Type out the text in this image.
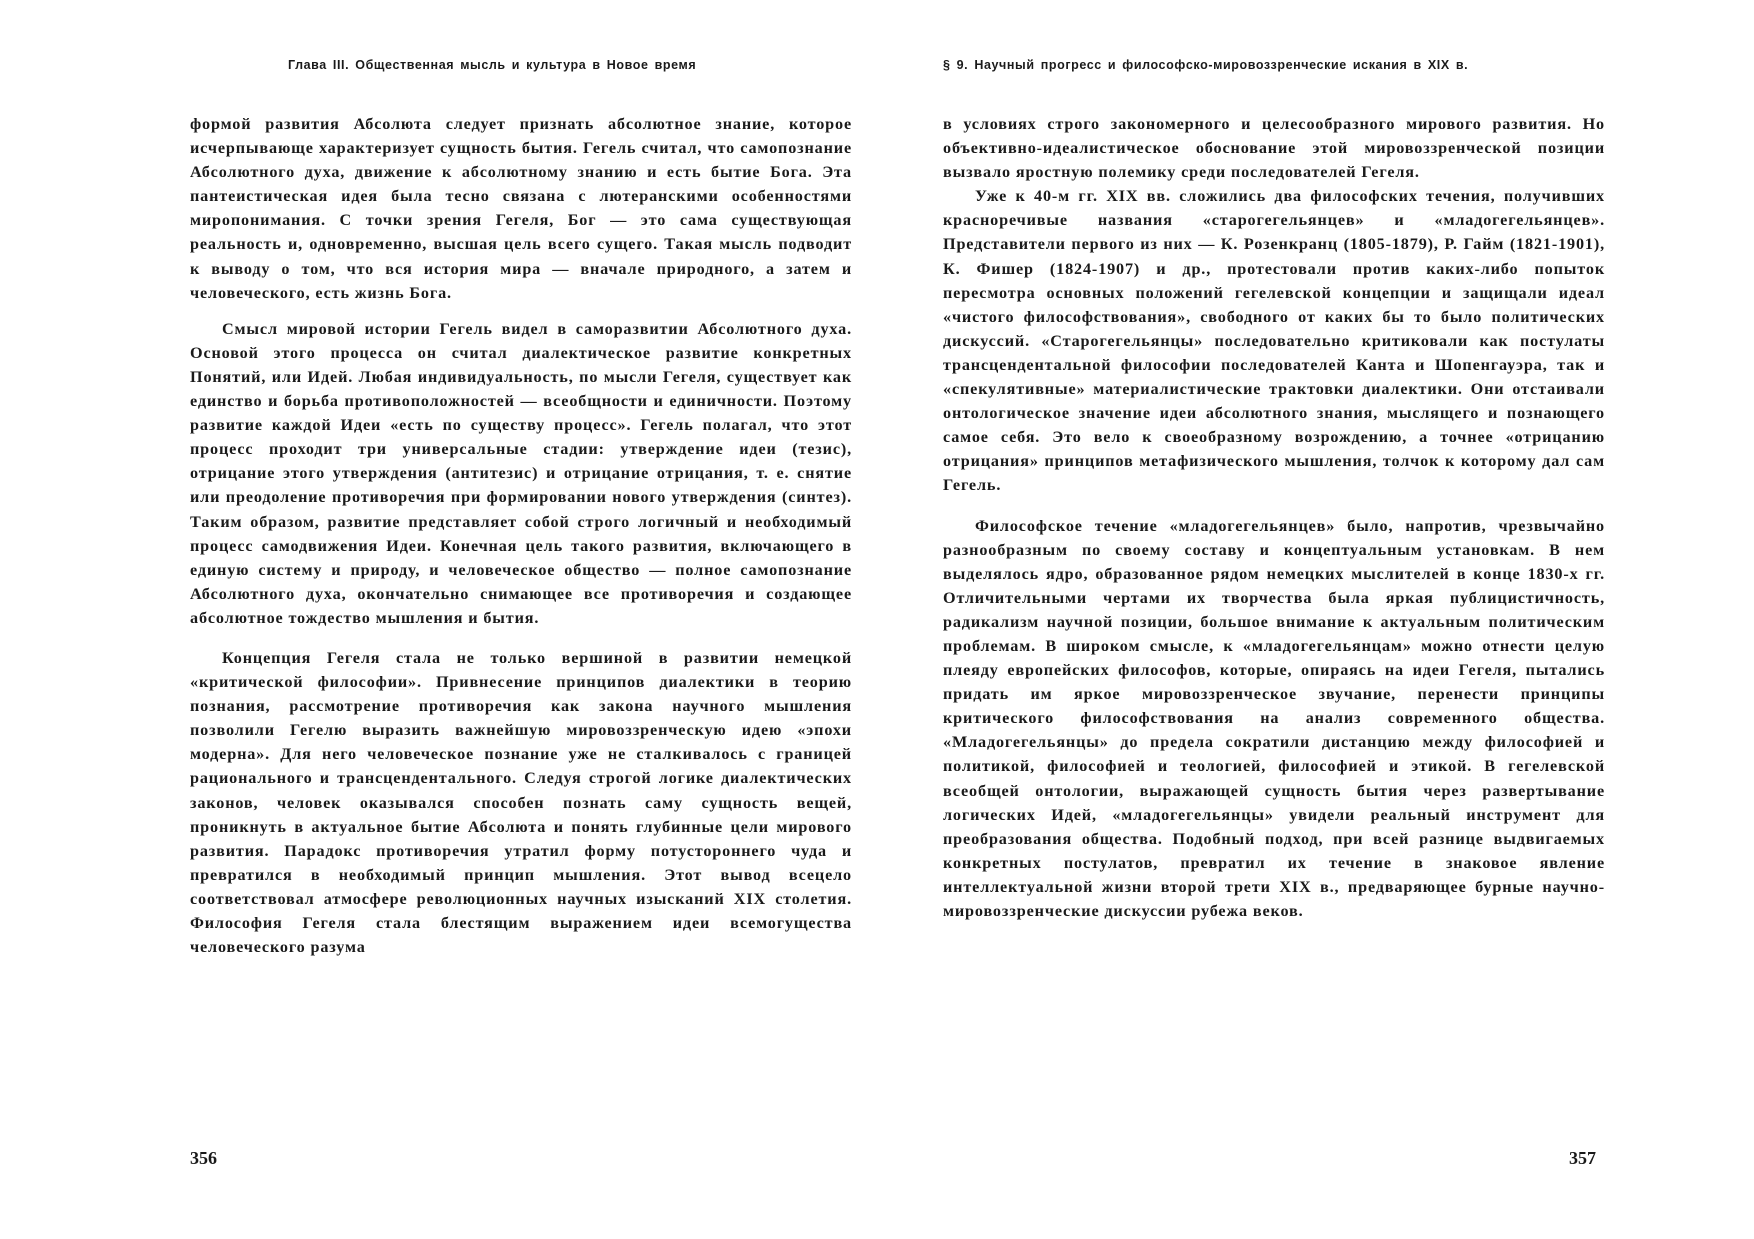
Глава III. Общественная мысль и культура в Новое время

формой развития Абсолюта следует признать абсолютное знание, которое исчерпывающе характеризует сущность бытия. Гегель считал, что самопознание Абсолютного духа, движение к абсолютному знанию и есть бытие Бога. Эта пантеистическая идея была тесно связана с лютеранскими особенностями миропонимания. С точки зрения Гегеля, Бог — это сама существующая реальность и, одновременно, высшая цель всего сущего. Такая мысль подводит к выводу о том, что вся история мира — вначале природного, а затем и человеческого, есть жизнь Бога.

Смысл мировой истории Гегель видел в саморазвитии Абсолютного духа. Основой этого процесса он считал диалектическое развитие конкретных Понятий, или Идей. Любая индивидуальность, по мысли Гегеля, существует как единство и борьба противоположностей — всеобщности и единичности. Поэтому развитие каждой Идеи «есть по существу процесс». Гегель полагал, что этот процесс проходит три универсальные стадии: утверждение идеи (тезис), отрицание этого утверждения (антитезис) и отрицание отрицания, т. е. снятие или преодоление противоречия при формировании нового утверждения (синтез). Таким образом, развитие представляет собой строго логичный и необходимый процесс самодвижения Идеи. Конечная цель такого развития, включающего в единую систему и природу, и человеческое общество — полное самопознание Абсолютного духа, окончательно снимающее все противоречия и создающее абсолютное тождество мышления и бытия.

Концепция Гегеля стала не только вершиной в развитии немецкой «критической философии». Привнесение принципов диалектики в теорию познания, рассмотрение противоречия как закона научного мышления позволили Гегелю выразить важнейшую мировоззренческую идею «эпохи модерна». Для него человеческое познание уже не сталкивалось с границей рационального и трансцендентального. Следуя строгой логике диалектических законов, человек оказывался способен познать саму сущность вещей, проникнуть в актуальное бытие Абсолюта и понять глубинные цели мирового развития. Парадокс противоречия утратил форму потустороннего чуда и превратился в необходимый принцип мышления. Этот вывод всецело соответствовал атмосфере революционных научных изысканий XIX столетия. Философия Гегеля стала блестящим выражением идеи всемогущества человеческого разума

356
§ 9. Научный прогресс и философско-мировоззренческие искания в XIX в.

в условиях строго закономерного и целесообразного мирового развития. Но объективно-идеалистическое обоснование этой мировоззренческой позиции вызвало яростную полемику среди последователей Гегеля.

Уже к 40-м гг. XIX вв. сложились два философских течения, получивших красноречивые названия «старогегельянцев» и «младогегельянцев». Представители первого из них — К. Розенкранц (1805-1879), Р. Гайм (1821-1901), К. Фишер (1824-1907) и др., протестовали против каких-либо попыток пересмотра основных положений гегелевской концепции и защищали идеал «чистого философствования», свободного от каких бы то было политических дискуссий. «Старогегельянцы» последовательно критиковали как постулаты трансцендентальной философии последователей Канта и Шопенгауэра, так и «спекулятивные» материалистические трактовки диалектики. Они отстаивали онтологическое значение идеи абсолютного знания, мыслящего и познающего самое себя. Это вело к своеобразному возрождению, а точнее «отрицанию отрицания» принципов метафизического мышления, толчок к которому дал сам Гегель.

Философское течение «младогегельянцев» было, напротив, чрезвычайно разнообразным по своему составу и концептуальным установкам. В нем выделялось ядро, образованное рядом немецких мыслителей в конце 1830-х гг. Отличительными чертами их творчества была яркая публицистичность, радикализм научной позиции, большое внимание к актуальным политическим проблемам. В широком смысле, к «младогегельянцам» можно отнести целую плеяду европейских философов, которые, опираясь на идеи Гегеля, пытались придать им яркое мировоззренческое звучание, перенести принципы критического философствования на анализ современного общества. «Младогегельянцы» до предела сократили дистанцию между философией и политикой, философией и теологией, философией и этикой. В гегелевской всеобщей онтологии, выражающей сущность бытия через развертывание логических Идей, «младогегельянцы» увидели реальный инструмент для преобразования общества. Подобный подход, при всей разнице выдвигаемых конкретных постулатов, превратил их течение в знаковое явление интеллектуальной жизни второй трети XIX в., предваряющее бурные научно-мировоззренческие дискуссии рубежа веков.

357
